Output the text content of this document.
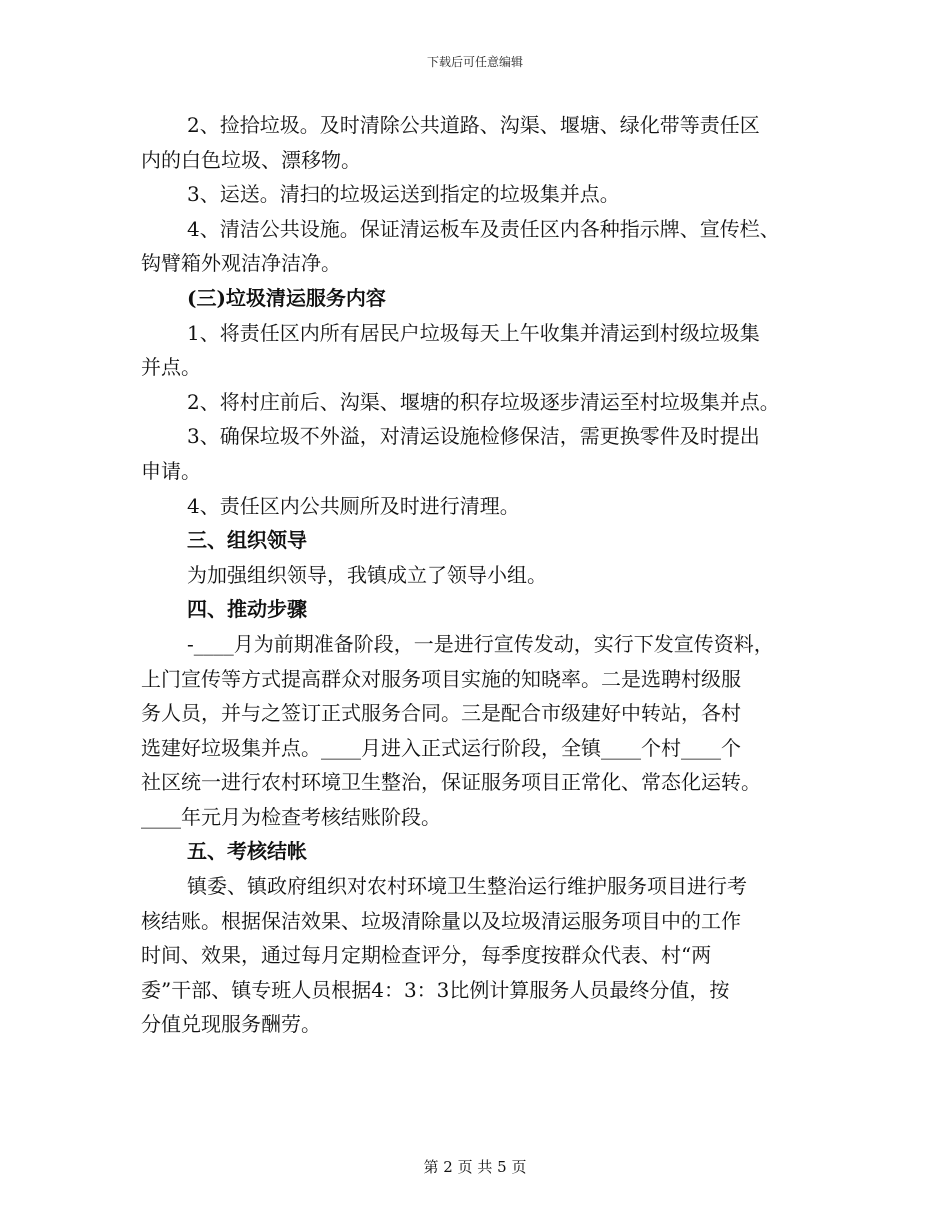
下载后可任意编辑

2、捡拾垃圾。及时清除公共道路、沟渠、堰塘、绿化带等责任区

内的白色垃圾、漂移物。

3、运送。清扫的垃圾运送到指定的垃圾集并点。

4、清洁公共设施。保证清运板车及责任区内各种指示牌、宣传栏、

钩臂箱外观洁净洁净。

(三)垃圾清运服务内容

1、将责任区内所有居民户垃圾每天上午收集并清运到村级垃圾集

并点。

2、将村庄前后、沟渠、堰塘的积存垃圾逐步清运至村垃圾集并点。

3、确保垃圾不外溢，对清运设施检修保洁，需更换零件及时提出

申请。

4、责任区内公共厕所及时进行清理。

三、组织领导

为加强组织领导，我镇成立了领导小组。

四、推动步骤

-____月为前期准备阶段，一是进行宣传发动，实行下发宣传资料，

上门宣传等方式提高群众对服务项目实施的知晓率。二是选聘村级服

务人员，并与之签订正式服务合同。三是配合市级建好中转站，各村

选建好垃圾集并点。____月进入正式运行阶段，全镇____个村____个

社区统一进行农村环境卫生整治，保证服务项目正常化、常态化运转。

____年元月为检查考核结账阶段。

五、考核结帐

镇委、镇政府组织对农村环境卫生整治运行维护服务项目进行考

核结账。根据保洁效果、垃圾清除量以及垃圾清运服务项目中的工作

时间、效果，通过每月定期检查评分，每季度按群众代表、村“两

委”干部、镇专班人员根据4：3：3比例计算服务人员最终分值，按

分值兑现服务酬劳。

第 2 页 共 5 页
